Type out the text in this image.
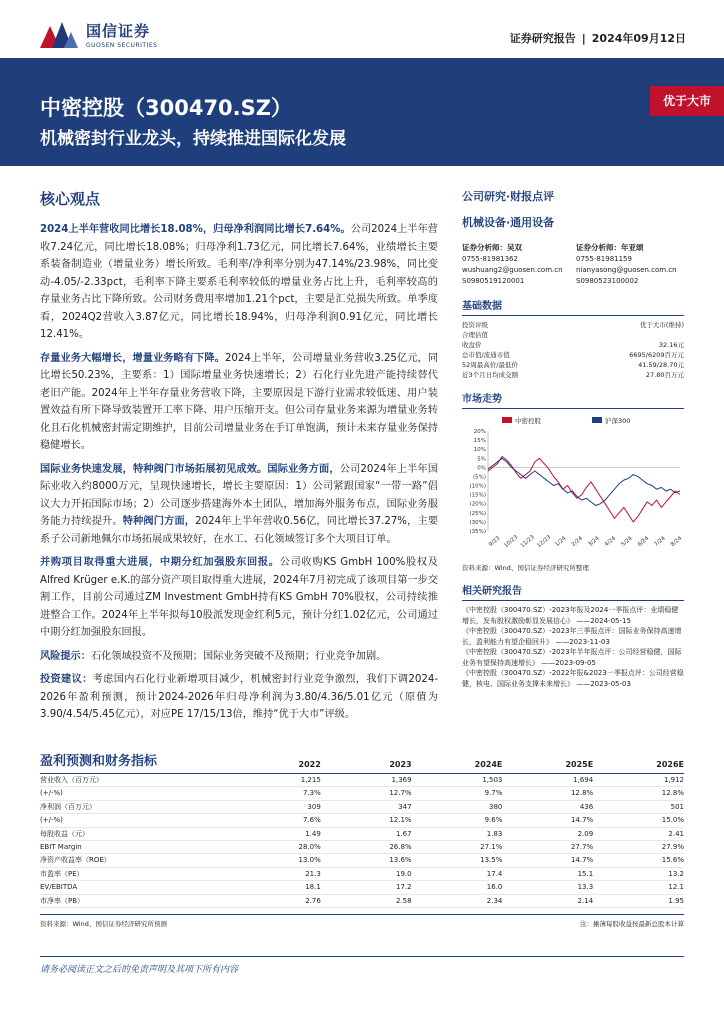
国信证券
GUOSEN SECURITIES
证券研究报告 | 2024年09月12日
中密控股（300470.SZ）
机械密封行业龙头，持续推进国际化发展
优于大市
核心观点

2024上半年营收同比增长18.08%，归母净利润同比增长7.64%。公司2024上半年营收7.24亿元，同比增长18.08%；归母净利1.73亿元，同比增长7.64%，业绩增长主要系装备制造业（增量业务）增长所致。毛利率/净利率分别为47.14%/23.98%，同比变动-4.05/-2.33pct，毛利率下降主要系毛利率较低的增量业务占比上升，毛利率较高的存量业务占比下降所致。公司财务费用率增加1.21个pct，主要是汇兑损失所致。单季度看，2024Q2营收入3.87亿元，同比增长18.94%，归母净利润0.91亿元，同比增长12.41%。

存量业务大幅增长，增量业务略有下降。2024上半年，公司增量业务营收3.25亿元，同比增长50.23%，主要系：1）国际增量业务快速增长；2）石化行业先进产能持续替代老旧产能。2024年上半年存量业务营收下降，主要原因是下游行业需求较低迷、用户装置效益有所下降导致装置开工率下降、用户压缩开支。但公司存量业务来源为增量业务转化且石化机械密封需定期维护，目前公司增量业务在手订单饱满，预计未来存量业务保持稳健增长。

国际业务快速发展，特种阀门市场拓展初见成效。国际业务方面，公司2024年上半年国际业收入约8000万元，呈现快速增长，增长主要原因：1）公司紧跟国家“一带一路”倡议大力开拓国际市场；2）公司逐步搭建海外本土团队，增加海外服务布点，国际业务服务能力持续提升。特种阀门方面，2024年上半年营收0.56亿，同比增长37.27%，主要系子公司新地佩尔市场拓展成果较好，在水工、石化领域签订多个大项目订单。

并购项目取得重大进展，中期分红加强股东回报。公司收购KS GmbH 100%股权及Alfred Krüger e.K.的部分资产项目取得重大进展，2024年7月初完成了该项目第一步交割工作，目前公司通过ZM Investment GmbH持有KS GmbH 70%股权，公司持续推进整合工作。2024年上半年拟每10股派发现金红利5元，预计分红1.02亿元，公司通过中期分红加强股东回报。

风险提示：石化领域投资不及预期；国际业务突破不及预期；行业竞争加剧。

投资建议：考虑国内石化行业新增项目减少，机械密封行业竞争激烈，我们下调2024-2026年盈利预测，预计2024-2026年归母净利润为3.80/4.36/5.01亿元（原值为3.90/4.54/5.45亿元），对应PE 17/15/13倍，维持“优于大市”评级。

公司研究·财报点评
机械设备·通用设备
证券分析师：吴双
0755-81981362
wushuang2@guosen.com.cn
S0980519120001
证券分析师：年亚颂
0755-81981159
nianyasong@guosen.com.cn
S0980523100002
基础数据
投资评级	优于大市(维持)
合理估值
收盘价	32.16元
总市值/流通市值	6695/6209百万元
52周最高价/最低价	41.59/28.70元
近3个月日均成交额	27.80百万元
市场走势
中密控股	沪深300
20%
15%
10%
5%
0%
(5%)
(10%)
(15%)
(20%)
(25%)
(30%)
(35%)
9/23 10/23 11/23 12/23 1/24 2/24 3/24 4/24 5/24 6/24 7/24 8/24
资料来源：Wind、国信证券经济研究所整理
相关研究报告
《中密控股（300470.SZ）-2023年报及2024一季报点评：业绩稳健增长，发布股权激励彰显发展信心》 ——2024-05-15
《中密控股（300470.SZ）-2023年三季报点评：国际业务保持高速增长，盈利能力有望企稳回升》 ——2023-11-03
《中密控股（300470.SZ）-2023年半年报点评：公司经营稳健，国际业务有望保持高速增长》 ——2023-09-05
《中密控股（300470.SZ）-2022年报&2023一季报点评：公司经营稳健，核电、国际业务支撑未来增长》 ——2023-05-03
盈利预测和财务指标	2022	2023	2024E	2025E	2026E
营业收入（百万元）	1,215	1,369	1,503	1,694	1,912
(+/-%)	7.3%	12.7%	9.7%	12.8%	12.8%
净利润（百万元）	309	347	380	436	501
(+/-%)	7.6%	12.1%	9.6%	14.7%	15.0%
每股收益（元）	1.49	1.67	1.83	2.09	2.41
EBIT Margin	28.0%	26.8%	27.1%	27.7%	27.9%
净资产收益率（ROE）	13.0%	13.6%	13.5%	14.7%	15.6%
市盈率（PE）	21.3	19.0	17.4	15.1	13.2
EV/EBITDA	18.1	17.2	16.0	13.3	12.1
市净率（PB）	2.76	2.58	2.34	2.14	1.95
资料来源：Wind、国信证券经济研究所预测	注：摊薄每股收益按最新总股本计算
请务必阅读正文之后的免责声明及其项下所有内容
